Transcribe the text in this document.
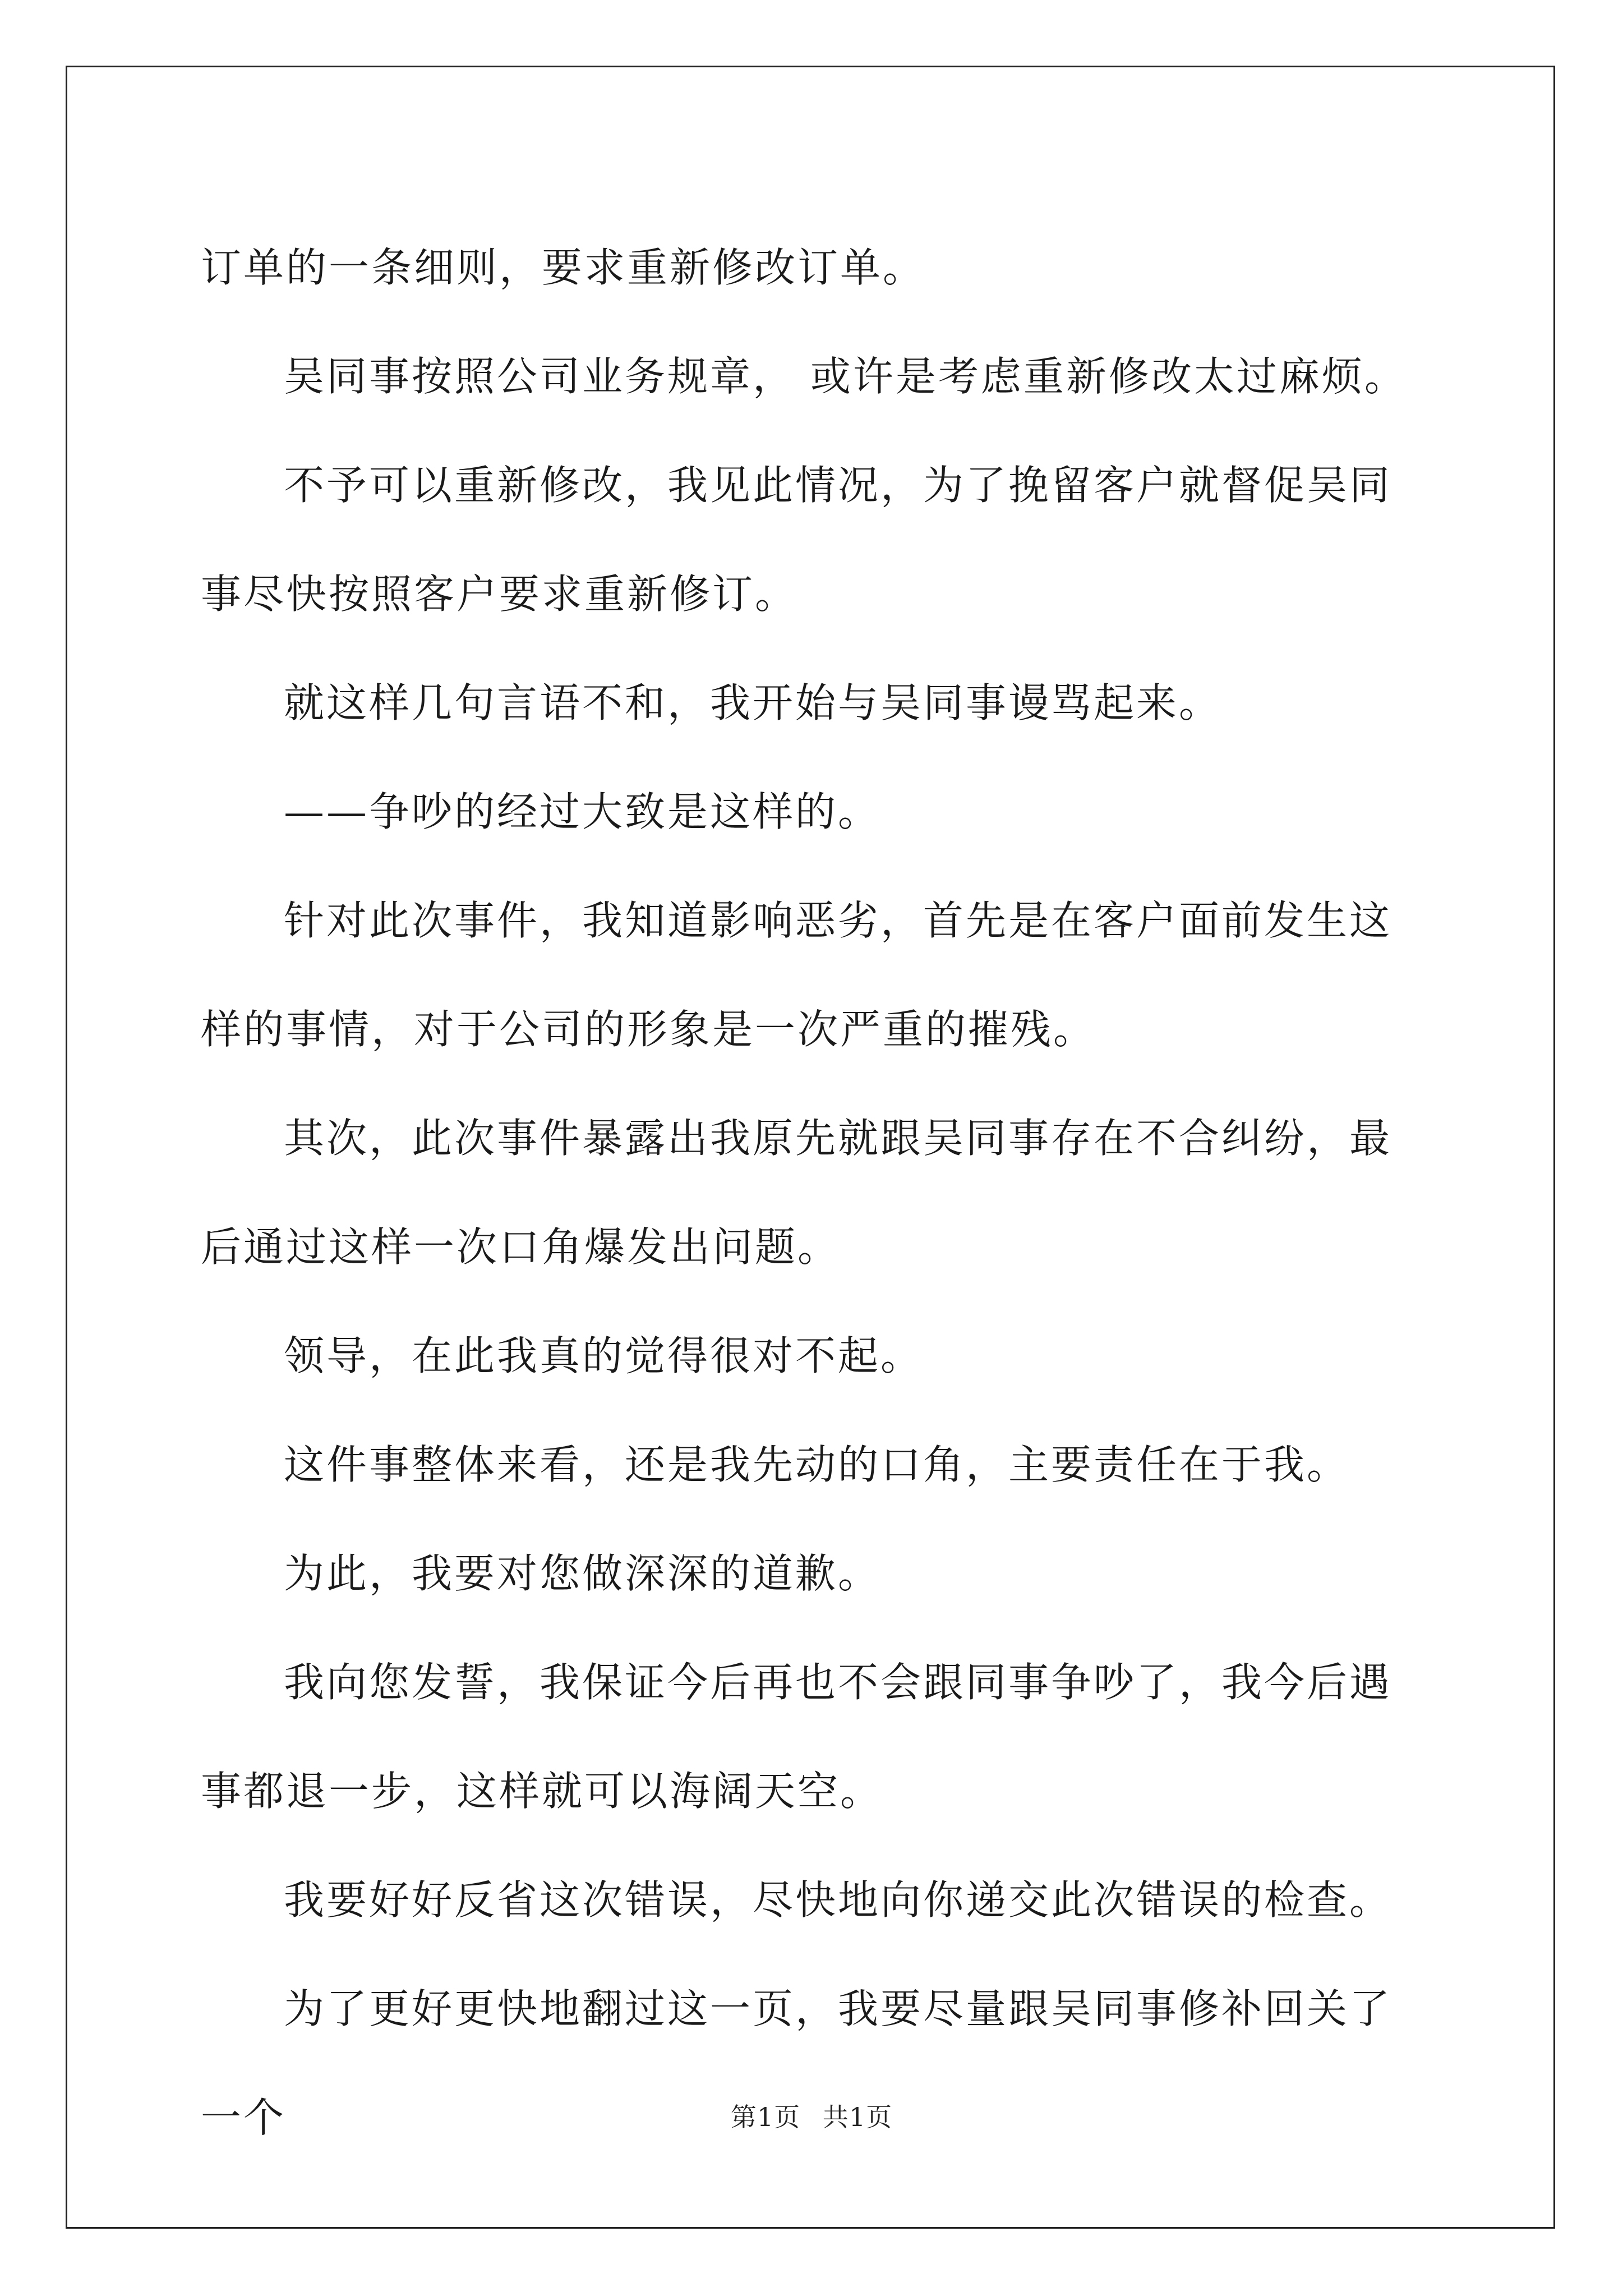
订单的一条细则，要求重新修改订单。

吴同事按照公司业务规章， 或许是考虑重新修改太过麻烦。

不予可以重新修改，我见此情况，为了挽留客户就督促吴同事尽快按照客户要求重新修订。

就这样几句言语不和，我开始与吴同事谩骂起来。

——争吵的经过大致是这样的。

针对此次事件，我知道影响恶劣，首先是在客户面前发生这样的事情，对于公司的形象是一次严重的摧残。

其次，此次事件暴露出我原先就跟吴同事存在不合纠纷，最后通过这样一次口角爆发出问题。

领导，在此我真的觉得很对不起。

这件事整体来看，还是我先动的口角，主要责任在于我。

为此，我要对您做深深的道歉。

我向您发誓，我保证今后再也不会跟同事争吵了，我今后遇事都退一步，这样就可以海阔天空。

我要好好反省这次错误，尽快地向你递交此次错误的检查。

为了更好更快地翻过这一页，我要尽量跟吴同事修补回关了一个	第1页 共1页
